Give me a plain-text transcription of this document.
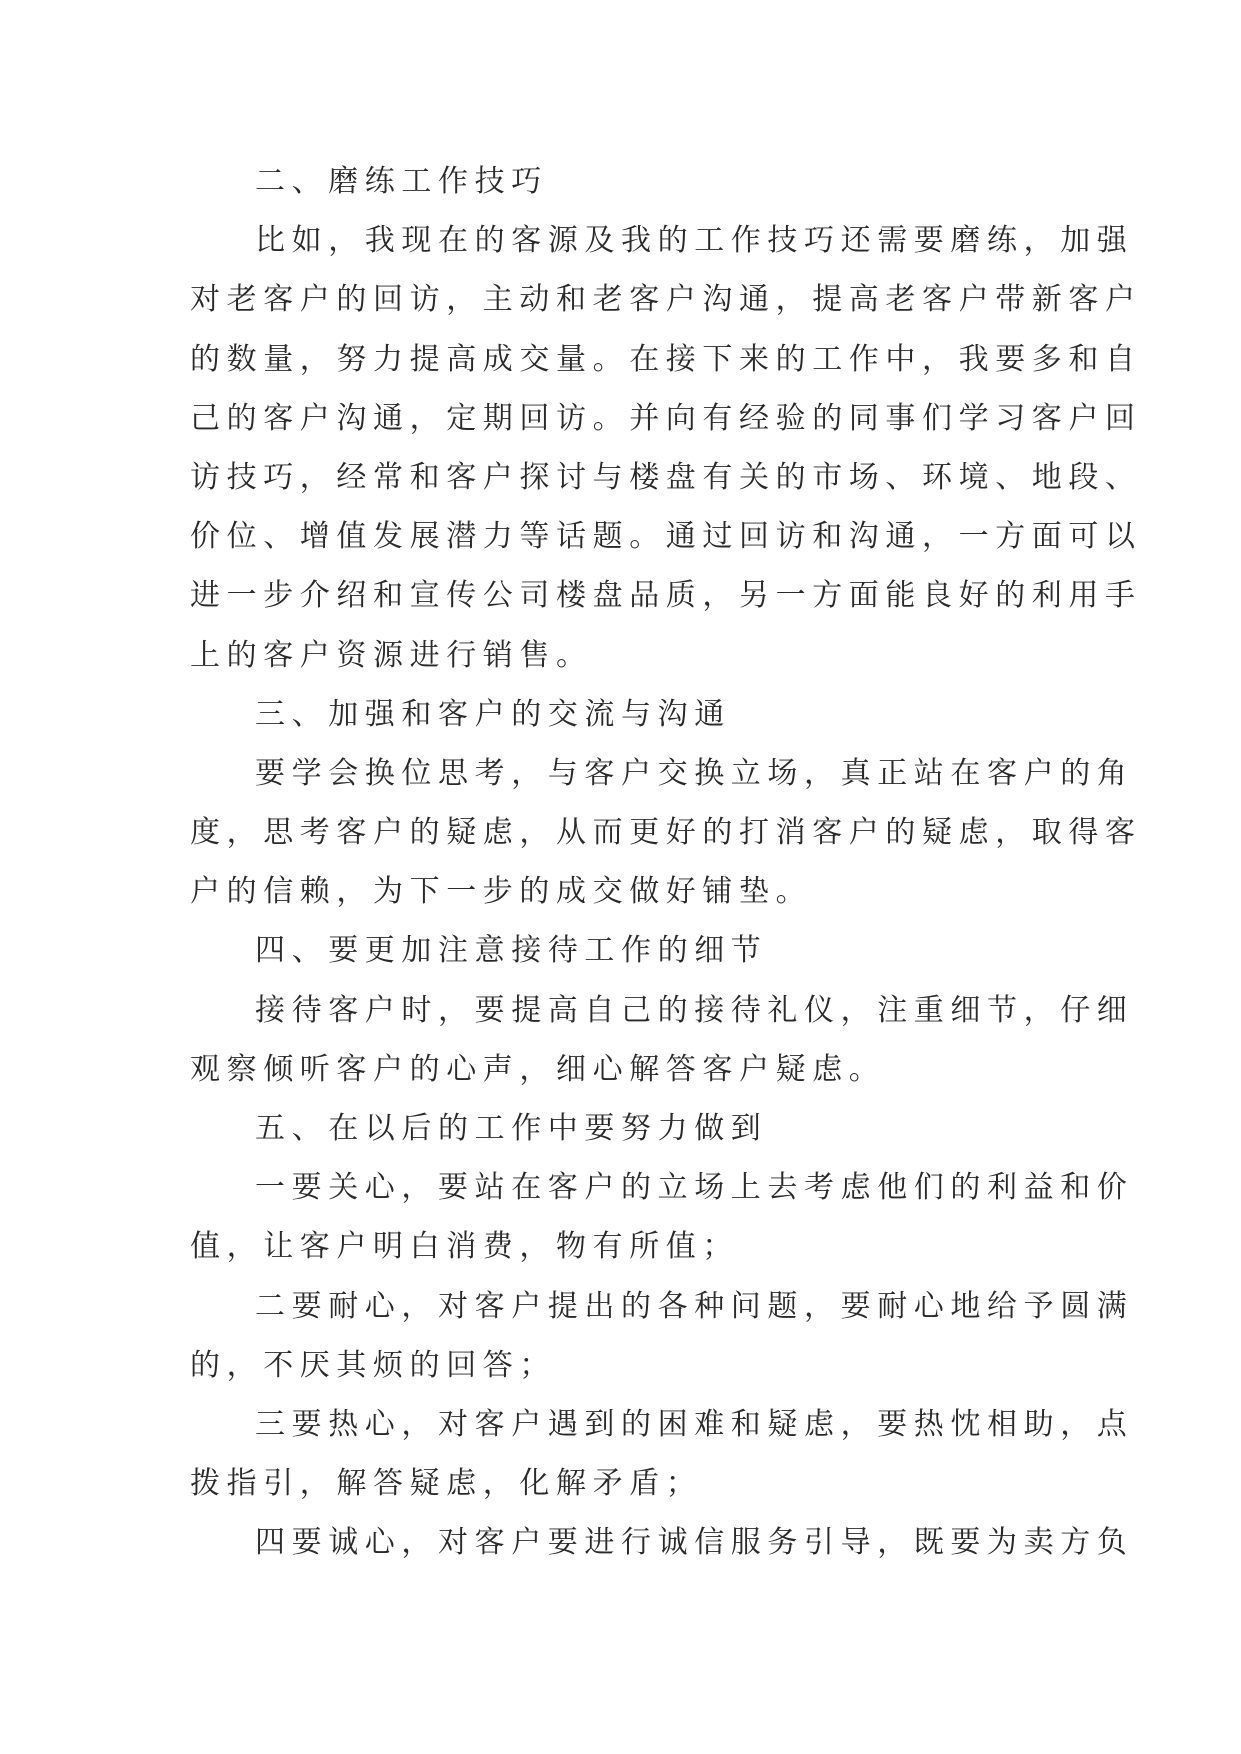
二、磨练工作技巧
比如，我现在的客源及我的工作技巧还需要磨练，加强
对老客户的回访，主动和老客户沟通，提高老客户带新客户
的数量，努力提高成交量。在接下来的工作中，我要多和自
己的客户沟通，定期回访。并向有经验的同事们学习客户回
访技巧，经常和客户探讨与楼盘有关的市场、环境、地段、
价位、增值发展潜力等话题。通过回访和沟通，一方面可以
进一步介绍和宣传公司楼盘品质，另一方面能良好的利用手
上的客户资源进行销售。
三、加强和客户的交流与沟通
要学会换位思考，与客户交换立场，真正站在客户的角
度，思考客户的疑虑，从而更好的打消客户的疑虑，取得客
户的信赖，为下一步的成交做好铺垫。
四、要更加注意接待工作的细节
接待客户时，要提高自己的接待礼仪，注重细节，仔细
观察倾听客户的心声，细心解答客户疑虑。
五、在以后的工作中要努力做到
一要关心，要站在客户的立场上去考虑他们的利益和价
值，让客户明白消费，物有所值；
二要耐心，对客户提出的各种问题，要耐心地给予圆满
的，不厌其烦的回答；
三要热心，对客户遇到的困难和疑虑，要热忱相助，点
拨指引，解答疑虑，化解矛盾；
四要诚心，对客户要进行诚信服务引导，既要为卖方负
